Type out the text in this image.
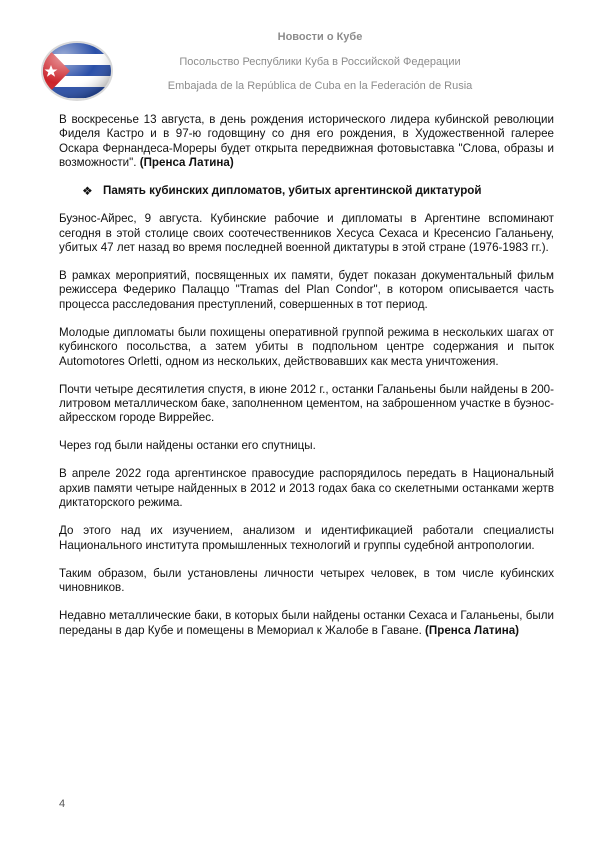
Новости о Кубе
Посольство Республики Куба в Российской Федерации
Embajada de la República de Cuba en la Federación de Rusia

В воскресенье 13 августа, в день рождения исторического лидера кубинской революции Фиделя Кастро и в 97-ю годовщину со дня его рождения, в Художественной галерее Оскара Фернандеса-Мореры будет открыта передвижная фотовыставка "Слова, образы и возможности". (Пренса Латина)

❖ Память кубинских дипломатов, убитых аргентинской диктатурой

Буэнос-Айрес, 9 августа. Кубинские рабочие и дипломаты в Аргентине вспоминают сегодня в этой столице своих соотечественников Хесуса Сехаса и Кресенсио Галаньену, убитых 47 лет назад во время последней военной диктатуры в этой стране (1976-1983 гг.).

В рамках мероприятий, посвященных их памяти, будет показан документальный фильм режиссера Федерико Палаццо "Tramas del Plan Condor", в котором описывается часть процесса расследования преступлений, совершенных в тот период.

Молодые дипломаты были похищены оперативной группой режима в нескольких шагах от кубинского посольства, а затем убиты в подпольном центре содержания и пыток Automotores Orletti, одном из нескольких, действовавших как места уничтожения.

Почти четыре десятилетия спустя, в июне 2012 г., останки Галаньены были найдены в 200-литровом металлическом баке, заполненном цементом, на заброшенном участке в буэнос-айресском городе Виррейес.

Через год были найдены останки его спутницы.

В апреле 2022 года аргентинское правосудие распорядилось передать в Национальный архив памяти четыре найденных в 2012 и 2013 годах бака со скелетными останками жертв диктаторского режима.

До этого над их изучением, анализом и идентификацией работали специалисты Национального института промышленных технологий и группы судебной антропологии.

Таким образом, были установлены личности четырех человек, в том числе кубинских чиновников.

Недавно металлические баки, в которых были найдены останки Сехаса и Галаньены, были переданы в дар Кубе и помещены в Мемориал к Жалобе в Гаване. (Пренса Латина)

4
